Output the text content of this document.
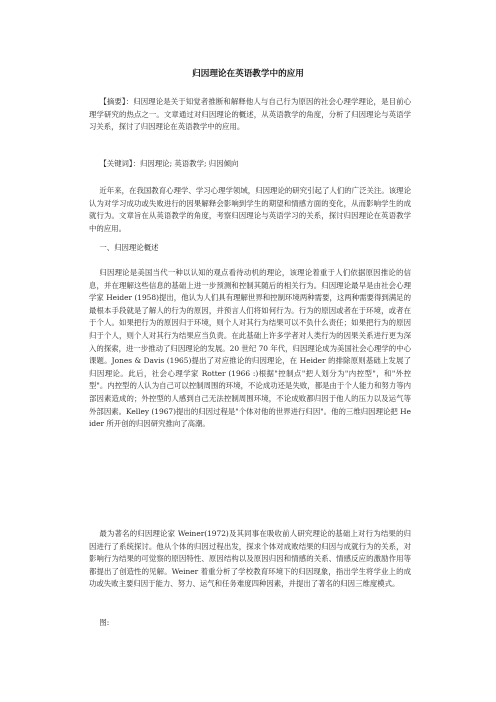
归因理论在英语教学中的应用
【摘要】：归因理论是关于知觉者推断和解释他人与自己行为原因的社会心理学理论，是目前心理学研究的热点之一。文章通过对归因理论的概述，从英语教学的角度，分析了归因理论与英语学习关系，探讨了归因理论在英语教学中的应用。
【关键词】：归因理论; 英语教学; 归因倾向
近年来，在我国教育心理学、学习心理学领域，归因理论的研究引起了人们的广泛关注。该理论认为对学习成功或失败进行的因果解释会影响到学生的期望和情感方面的变化，从而影响学生的成就行为。文章旨在从英语教学的角度，考察归因理论与英语学习的关系，探讨归因理论在英语教学中的应用。
一、归因理论概述
归因理论是美国当代一种以认知的观点看待动机的理论，该理论着重于人们依据原因推论的信息，并在理解这些信息的基础上进一步预测和控制其随后的相关行为。归因理论最早是由社会心理学家 Heider (1958)提出，他认为人们具有理解世界和控制环境两种需要，这两种需要得到满足的最根本手段就是了解人的行为的原因，并预言人们将如何行为。行为的原因或者在于环境，或者在于个人。如果把行为的原因归于环境，则个人对其行为结果可以不负什么责任；如果把行为的原因归于个人，则个人对其行为结果应当负责。在此基础上许多学者对人类行为的因果关系进行更为深入的探索，进一步推动了归因理论的发展。20 世纪 70 年代，归因理论成为美国社会心理学的中心课题。Jones & Davis (1965)提出了对应推论的归因理论，在 Heider 的排除原则基础上发展了归因理论。此后，社会心理学家 Rotter (1966 :)根据"控制点"把人划分为"内控型"，和"外控型"。内控型的人认为自己可以控制周围的环境，不论成功还是失败，都是由于个人能力和努力等内部因素造成的；外控型的人感到自己无法控制周围环境，不论成败都归因于他人的压力以及运气等外部因素。Kelley (1967)提出的归因过程是"个体对他的世界进行归因"。他的三维归因理论把 Heider 所开创的归因研究推向了高潮。
最为著名的归因理论家 Weiner(1972)及其同事在吸收前人研究理论的基础上对行为结果的归因进行了系统探讨。他从个体的归因过程出发，探求个体对成败结果的归因与成就行为的关系，对影响行为结果的可觉察的原因特性、原因结构以及原因归因和情感的关系、情感反应的激励作用等都提出了创造性的见解。Weiner 着重分析了学校教育环境下的归因现象，指出学生将学业上的成功或失败主要归因于能力、努力、运气和任务难度四种因素，并提出了著名的归因三维度模式。
图:
